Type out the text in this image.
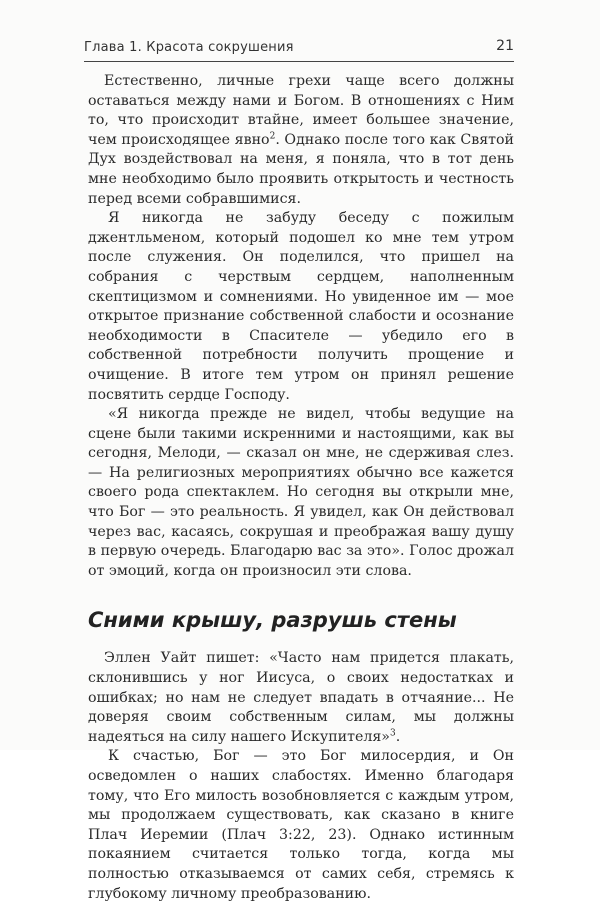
Глава 1. Красота сокрушения	21

Естественно, личные грехи чаще всего должны оставаться между нами и Богом. В отношениях с Ним то, что происходит втайне, имеет большее значение, чем происходящее явно$^2$. Однако после того как Святой Дух воздействовал на меня, я поняла, что в тот день мне необходимо было проявить открытость и честность перед всеми собравшимися.

Я никогда не забуду беседу с пожилым джентльменом, который подошел ко мне тем утром после служения. Он поделился, что пришел на собрания с черствым сердцем, наполненным скептицизмом и сомнениями. Но увиденное им — мое открытое признание собственной слабости и осознание необходимости в Спасителе — убедило его в собственной потребности получить прощение и очищение. В итоге тем утром он принял решение посвятить сердце Господу.

«Я никогда прежде не видел, чтобы ведущие на сцене были такими искренними и настоящими, как вы сегодня, Мелоди, — сказал он мне, не сдерживая слез. — На религиозных мероприятиях обычно все кажется своего рода спектаклем. Но сегодня вы открыли мне, что Бог — это реальность. Я увидел, как Он действовал через вас, касаясь, сокрушая и преображая вашу душу в первую очередь. Благодарю вас за это». Голос дрожал от эмоций, когда он произносил эти слова.

Сними крышу, разрушь стены

Эллен Уайт пишет: «Часто нам придется плакать, склонившись у ног Иисуса, о своих недостатках и ошибках; но нам не следует впадать в отчаяние... Не доверяя своим собственным силам, мы должны надеяться на силу нашего Искупителя»$^3$.

К счастью, Бог — это Бог милосердия, и Он осведомлен о наших слабостях. Именно благодаря тому, что Его милость возобновляется с каждым утром, мы продолжаем существовать, как сказано в книге Плач Иеремии (Плач 3:22, 23). Однако истинным покаянием считается только тогда, когда мы полностью отказываемся от самих себя, стремясь к глубокому личному преобразованию.
